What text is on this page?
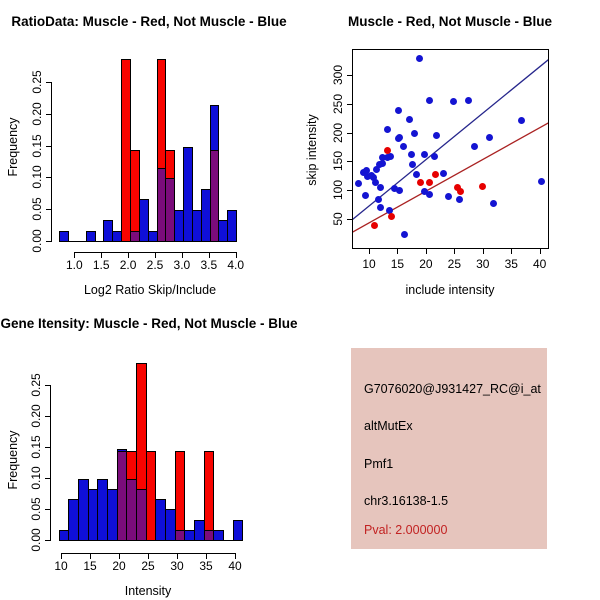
RatioData: Muscle - Red, Not Muscle - Blue
Log2 Ratio Skip/Include
Frequency
Muscle - Red, Not Muscle - Blue
include intensity
skip intensity
Gene Itensity: Muscle - Red, Not Muscle - Blue
Intensity
Frequency
G7076020@J931427_RC@i_at
altMutEx
Pmf1
chr3.16138-1.5
Pval: 2.000000
0.00
0.05
0.10
0.15
0.20
0.25
1.0 1.5 2.0 2.5 3.0 3.5 4.0
0.00
0.05
0.10
0.15
0.20
0.25
10 15 20 25 30 35 40
10 15 20 25 30 35 40
50
100
150
200
250
300
